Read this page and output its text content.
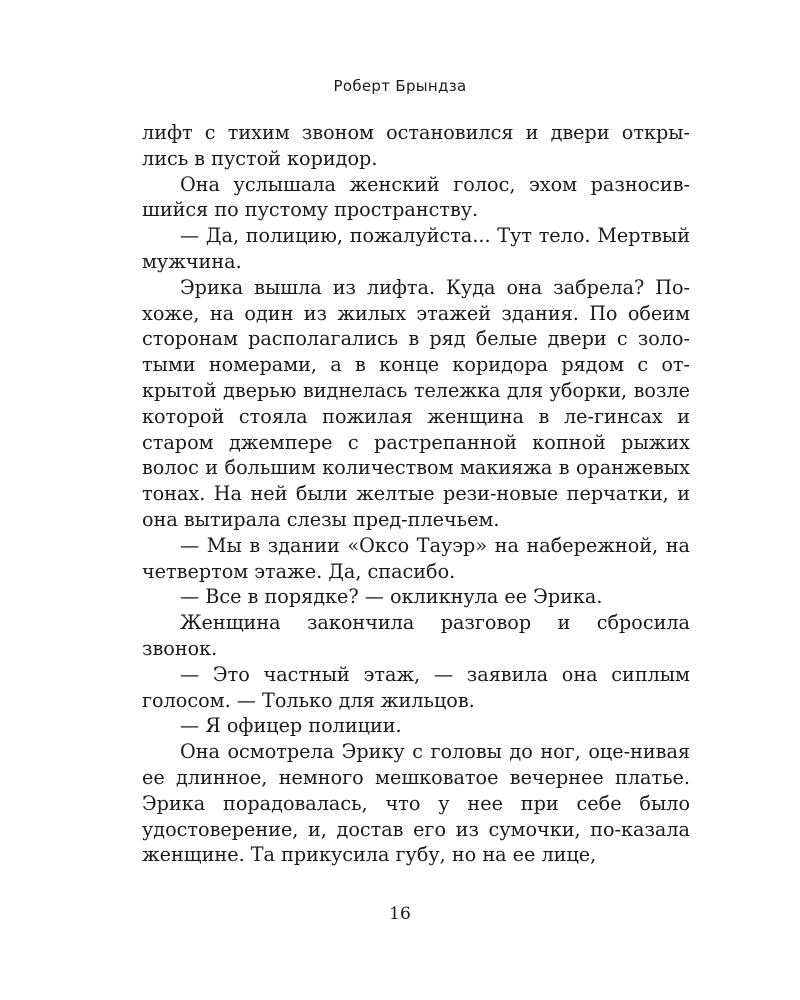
Роберт Брындза

лифт с тихим звоном остановился и двери откры-лись в пустой коридор.

Она услышала женский голос, эхом разносив-шийся по пустому пространству.

— Да, полицию, пожалуйста... Тут тело. Мертвый мужчина.

Эрика вышла из лифта. Куда она забрела? По-хоже, на один из жилых этажей здания. По обеим сторонам располагались в ряд белые двери с золо-тыми номерами, а в конце коридора рядом с от-крытой дверью виднелась тележка для уборки, возле которой стояла пожилая женщина в ле-гинсах и старом джемпере с растрепанной копной рыжих волос и большим количеством макияжа в оранжевых тонах. На ней были желтые рези-новые перчатки, и она вытирала слезы пред-плечьем.

— Мы в здании «Оксо Тауэр» на набережной, на четвертом этаже. Да, спасибо.

— Все в порядке? — окликнула ее Эрика.

Женщина закончила разговор и сбросила звонок.

— Это частный этаж, — заявила она сиплым голосом. — Только для жильцов.

— Я офицер полиции.

Она осмотрела Эрику с головы до ног, оце-нивая ее длинное, немного мешковатое вечернее платье. Эрика порадовалась, что у нее при себе было удостоверение, и, достав его из сумочки, по-казала женщине. Та прикусила губу, но на ее лице,

16
